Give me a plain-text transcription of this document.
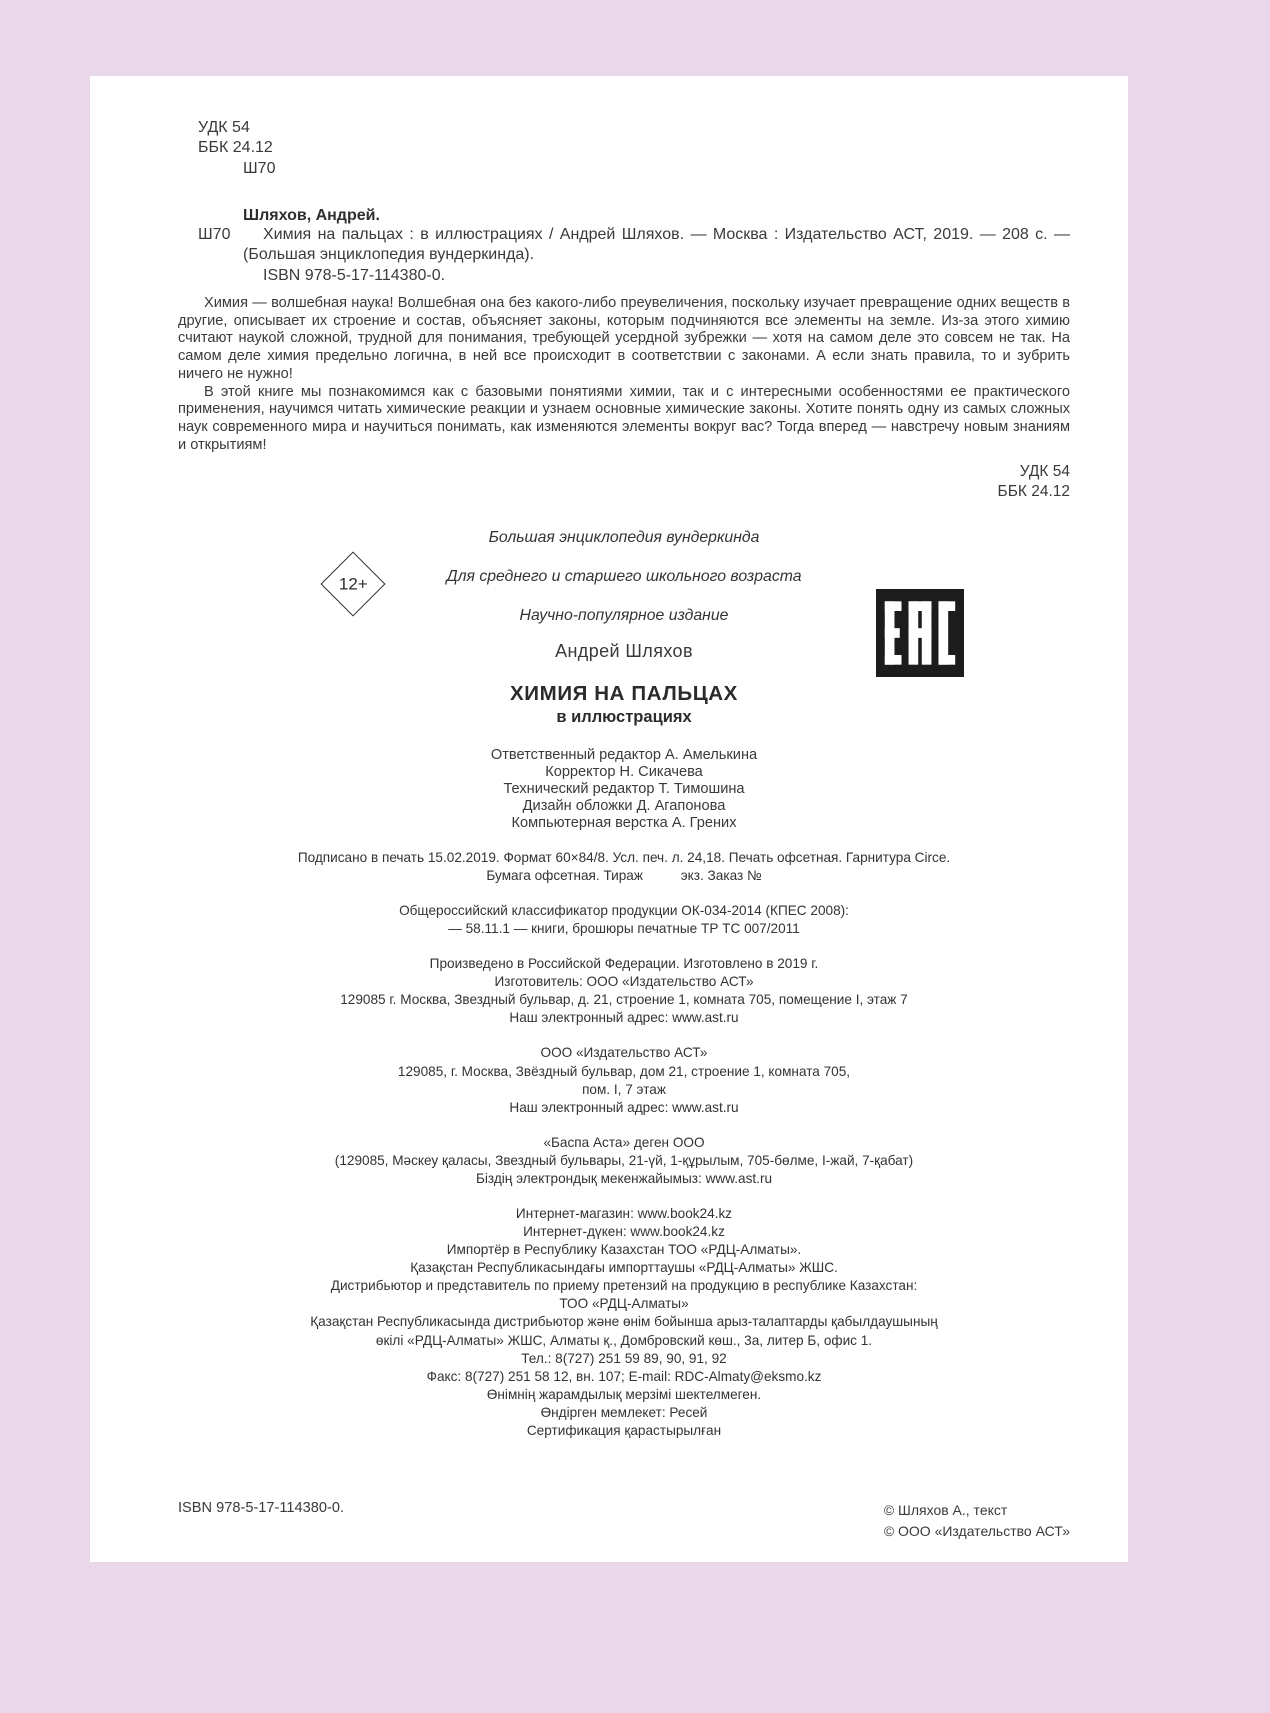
УДК 54
ББК 24.12
Ш70

Шляхов, Андрей.

Ш70	Химия на пальцах : в иллюстрациях / Андрей Шляхов. — Москва : Издательство АСТ, 2019. — 208 с. — (Большая энциклопедия вундеркинда).

ISBN 978-5-17-114380-0.

Химия — волшебная наука! Волшебная она без какого-либо преувеличения, поскольку изучает превращение одних веществ в другие, описывает их строение и состав, объясняет законы, которым подчиняются все элементы на земле. Из-за этого химию считают наукой сложной, трудной для понимания, требующей усердной зубрежки — хотя на самом деле это совсем не так. На самом деле химия предельно логична, в ней все происходит в соответствии с законами. А если знать правила, то и зубрить ничего не нужно!

В этой книге мы познакомимся как с базовыми понятиями химии, так и с интересными особенностями ее практического применения, научимся читать химические реакции и узнаем основные химические законы. Хотите понять одну из самых сложных наук современного мира и научиться понимать, как изменяются элементы вокруг вас? Тогда вперед — навстречу новым знаниям и открытиям!

УДК 54
ББК 24.12
12+

Большая энциклопедия вундеркинда

Для среднего и старшего школьного возраста

Научно-популярное издание

Андрей Шляхов

ХИМИЯ НА ПАЛЬЦАХ
в иллюстрациях
Ответственный редактор А. Амелькина
Корректор Н. Сикачева
Технический редактор Т. Тимошина
Дизайн обложки Д. Агапонова
Компьютерная верстка А. Грених
Подписано в печать 15.02.2019. Формат 60×84/8. Усл. печ. л. 24,18. Печать офсетная. Гарнитура Circe.
Бумага офсетная. Тираж          экз. Заказ №
Общероссийский классификатор продукции ОК-034-2014 (КПЕС 2008):
— 58.11.1 — книги, брошюры печатные ТР ТС 007/2011
Произведено в Российской Федерации. Изготовлено в 2019 г.
Изготовитель: ООО «Издательство АСТ»
129085 г. Москва, Звездный бульвар, д. 21, строение 1, комната 705, помещение I, этаж 7
Наш электронный адрес: www.ast.ru
ООО «Издательство АСТ»
129085, г. Москва, Звёздный бульвар, дом 21, строение 1, комната 705,
пом. I, 7 этаж
Наш электронный адрес: www.ast.ru
«Баспа Аста» деген ООО
(129085, Мәскеу қаласы, Звездный бульвары, 21-үй, 1-құрылым, 705-бөлме, I-жай, 7-қабат)
Біздің электрондық мекенжайымыз: www.ast.ru
Интернет-магазин: www.book24.kz
Интернет-дүкен: www.book24.kz
Импортёр в Республику Казахстан ТОО «РДЦ-Алматы».
Қазақстан Республикасындағы импорттаушы «РДЦ-Алматы» ЖШС.
Дистрибьютор и представитель по приему претензий на продукцию в республике Казахстан:
ТОО «РДЦ-Алматы»
Қазақстан Республикасында дистрибьютор және өнім бойынша арыз-талаптарды қабылдаушының
өкілі «РДЦ-Алматы» ЖШС, Алматы қ., Домбровский көш., 3а, литер Б, офис 1.
Тел.: 8(727) 251 59 89, 90, 91, 92
Факс: 8(727) 251 58 12, вн. 107; E-mail: RDC-Almaty@eksmo.kz
Өнімнің жарамдылық мерзімі шектелмеген.
Өндірген мемлекет: Ресей
Сертификация қарастырылған
ISBN 978-5-17-114380-0.	© Шляхов А., текст
© ООО «Издательство АСТ»
